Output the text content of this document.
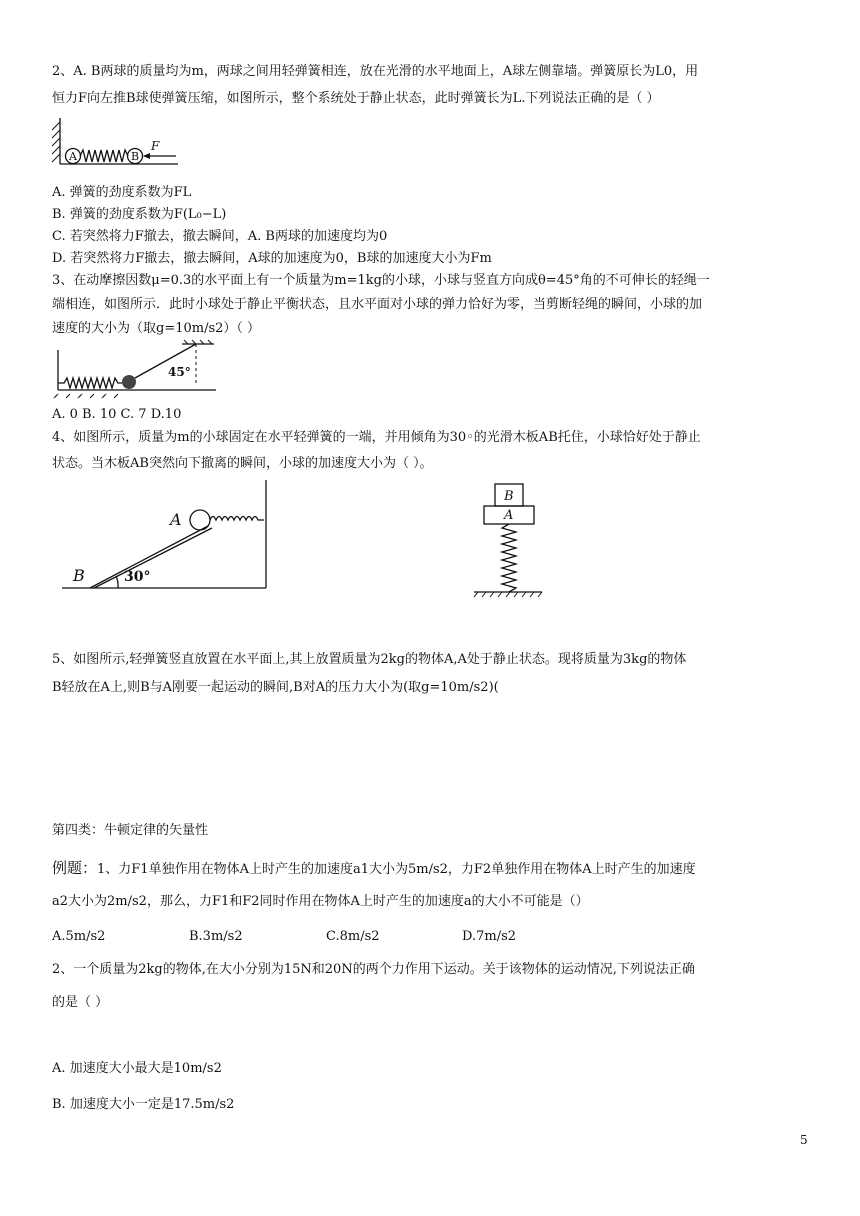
2、A. B两球的质量均为m，两球之间用轻弹簧相连，放在光滑的水平地面上，A球左侧靠墙。弹簧原长为L0，用
恒力F向左推B球使弹簧压缩，如图所示，整个系统处于静止状态，此时弹簧长为L.下列说法正确的是（ ）
A	B
F
A. 弹簧的劲度系数为FL
B. 弹簧的劲度系数为F(L₀−L)
C. 若突然将力F撤去，撤去瞬间，A. B两球的加速度均为0
D. 若突然将力F撤去，撤去瞬间，A球的加速度为0，B球的加速度大小为Fm
3、在动摩擦因数μ=0.3的水平面上有一个质量为m=1kg的小球，小球与竖直方向成θ=45°角的不可伸长的轻绳一
端相连，如图所示．此时小球处于静止平衡状态，且水平面对小球的弹力恰好为零，当剪断轻绳的瞬间，小球的加
速度的大小为（取g=10m/s2）（ ）
45°
A. 0 B. 10 C. 7 D.10
4、如图所示，质量为m的小球固定在水平轻弹簧的一端，并用倾角为30◦的光滑木板AB托住，小球恰好处于静止
状态。当木板AB突然向下撤离的瞬间，小球的加速度大小为（ ）。
A
B	30°
B
A
5、如图所示,轻弹簧竖直放置在水平面上,其上放置质量为2kg的物体A,A处于静止状态。现将质量为3kg的物体
B轻放在A上,则B与A刚要一起运动的瞬间,B对A的压力大小为(取g=10m/s2)(
第四类：牛顿定律的矢量性
例题：1、力F1单独作用在物体A上时产生的加速度a1大小为5m/s2，力F2单独作用在物体A上时产生的加速度
a2大小为2m/s2，那么，力F1和F2同时作用在物体A上时产生的加速度a的大小不可能是（）
A.5m/s2	B.3m/s2	C.8m/s2	D.7m/s2
2、一个质量为2kg的物体,在大小分别为15N和20N的两个力作用下运动。关于该物体的运动情况,下列说法正确
的是（ ）
A. 加速度大小最大是10m/s2
B. 加速度大小一定是17.5m/s2
5
